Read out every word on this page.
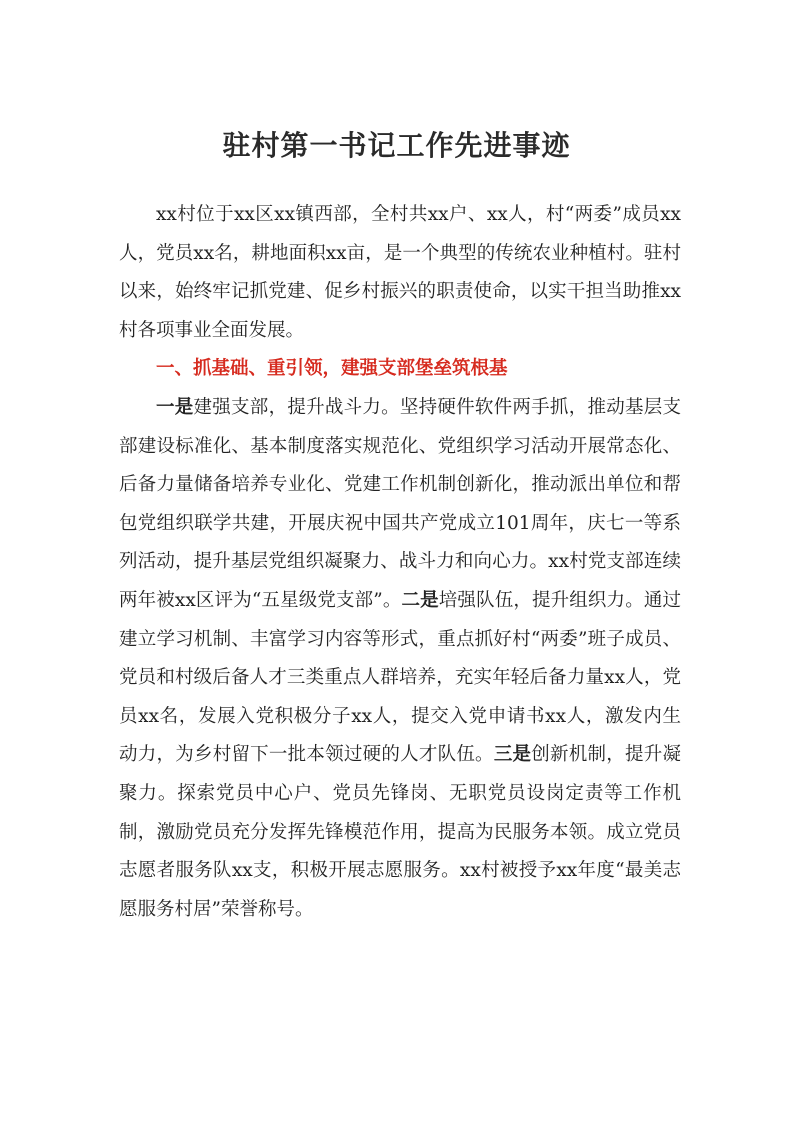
驻村第一书记工作先进事迹

xx村位于xx区xx镇西部，全村共xx户、xx人，村“两委”成员xx人，党员xx名，耕地面积xx亩，是一个典型的传统农业种植村。驻村以来，始终牢记抓党建、促乡村振兴的职责使命，以实干担当助推xx村各项事业全面发展。

一、抓基础、重引领，建强支部堡垒筑根基

一是建强支部，提升战斗力。坚持硬件软件两手抓，推动基层支部建设标准化、基本制度落实规范化、党组织学习活动开展常态化、后备力量储备培养专业化、党建工作机制创新化，推动派出单位和帮包党组织联学共建，开展庆祝中国共产党成立101周年，庆七一等系列活动，提升基层党组织凝聚力、战斗力和向心力。xx村党支部连续两年被xx区评为“五星级党支部”。二是培强队伍，提升组织力。通过建立学习机制、丰富学习内容等形式，重点抓好村“两委”班子成员、党员和村级后备人才三类重点人群培养，充实年轻后备力量xx人，党员xx名，发展入党积极分子xx人，提交入党申请书xx人，激发内生动力，为乡村留下一批本领过硬的人才队伍。三是创新机制，提升凝聚力。探索党员中心户、党员先锋岗、无职党员设岗定责等工作机制，激励党员充分发挥先锋模范作用，提高为民服务本领。成立党员志愿者服务队xx支，积极开展志愿服务。xx村被授予xx年度“最美志愿服务村居”荣誉称号。
